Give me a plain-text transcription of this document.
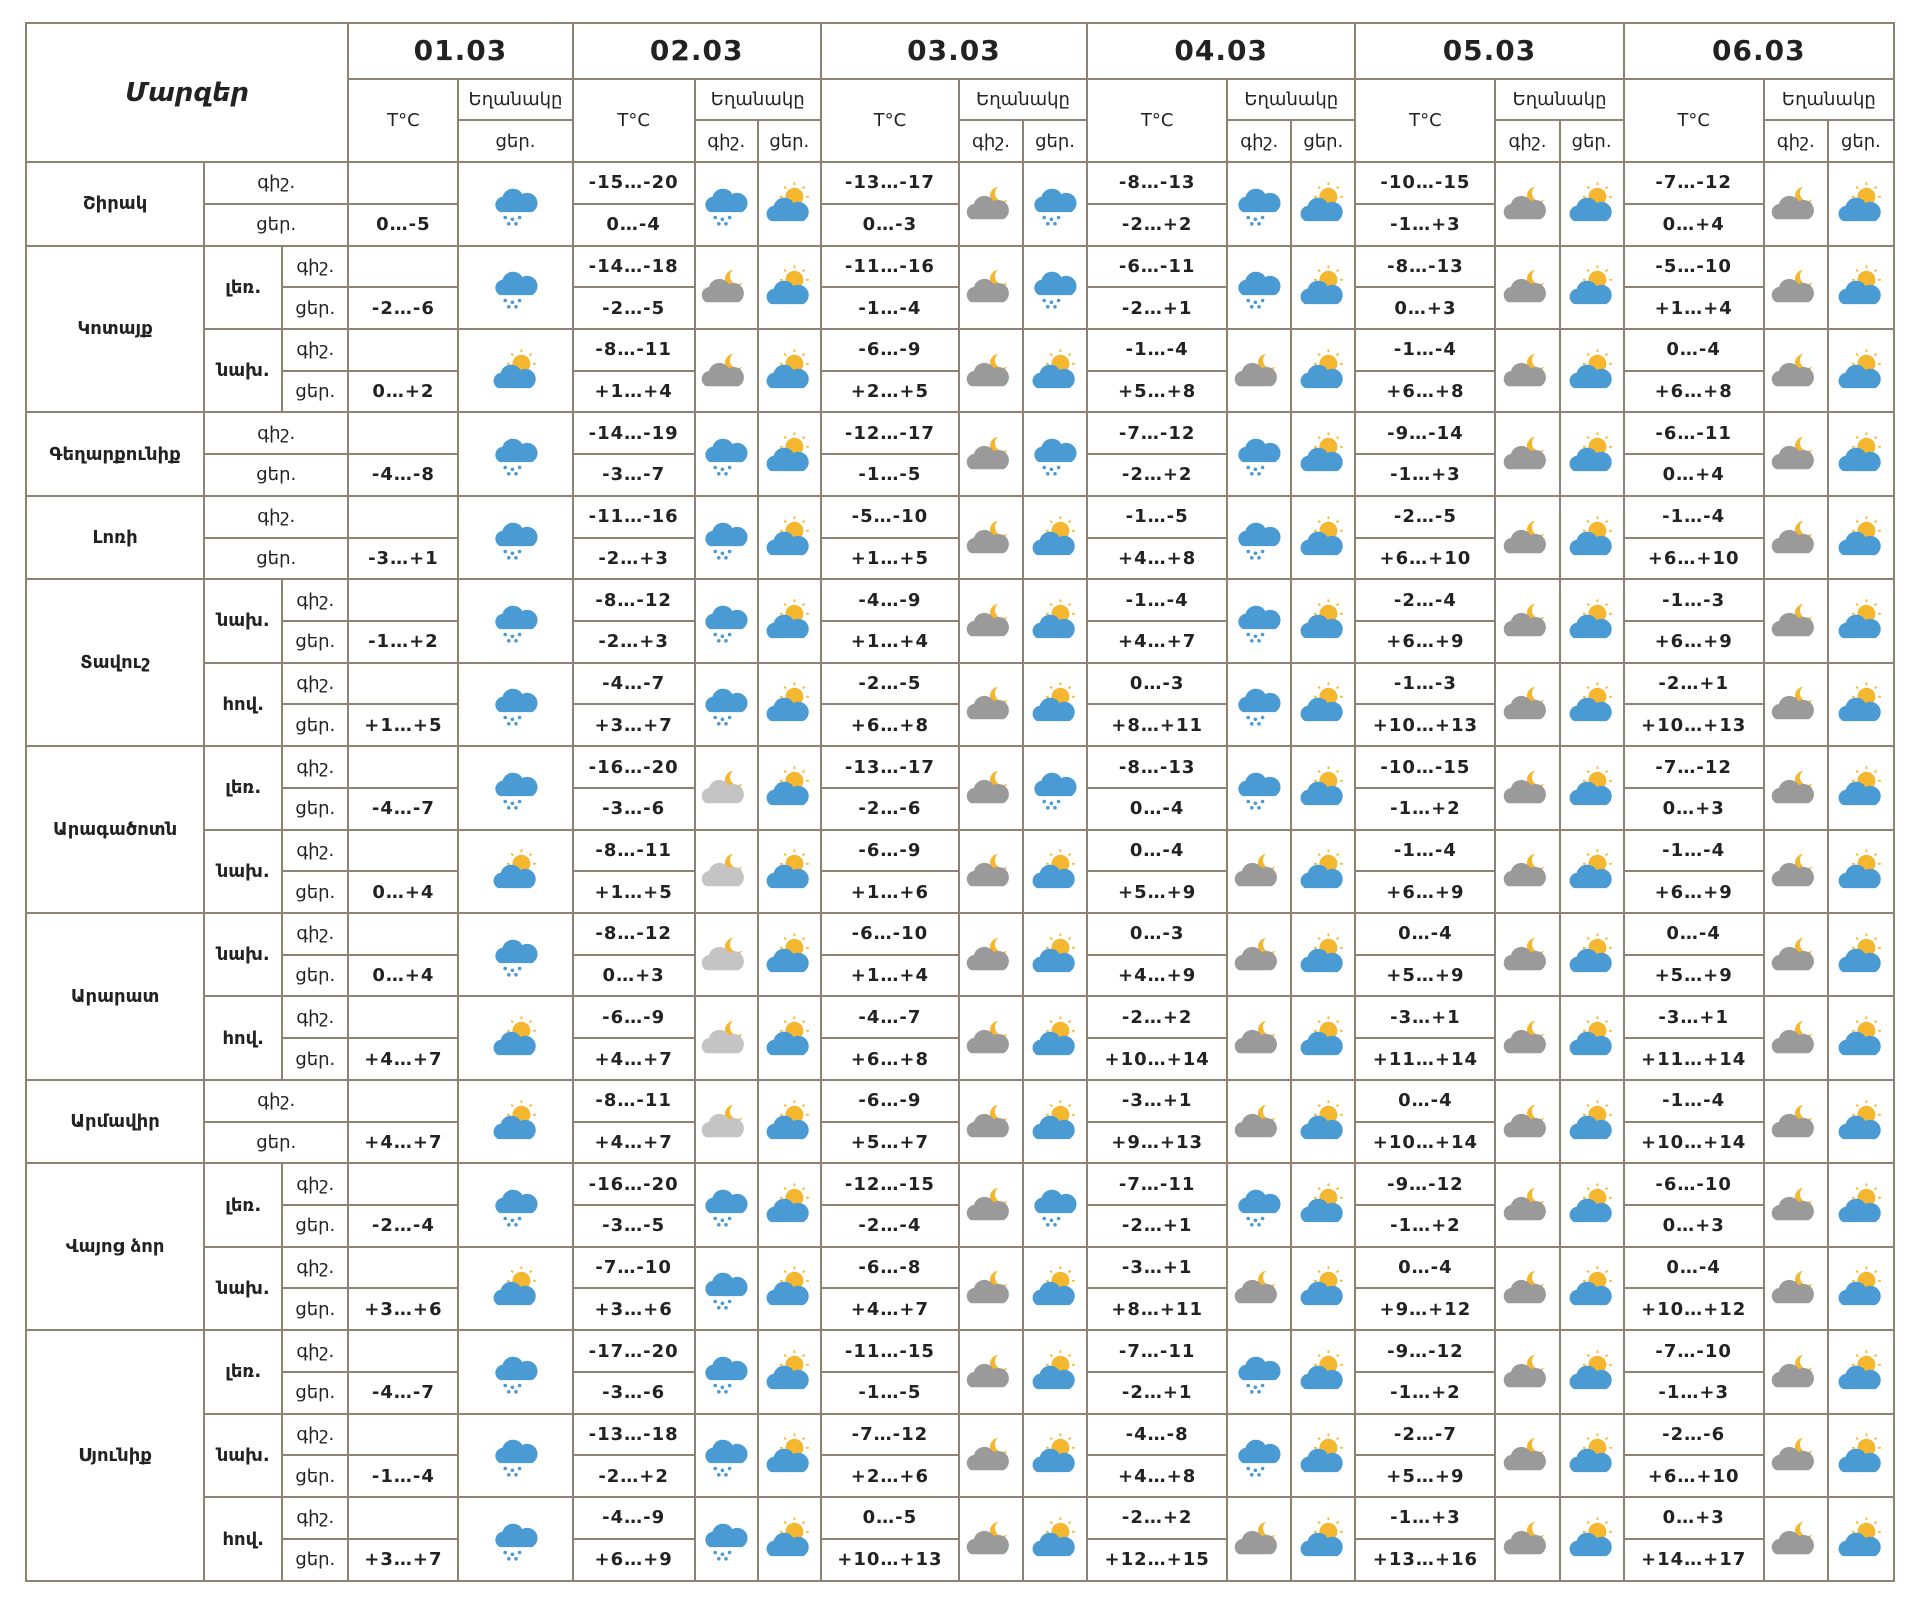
Մարզեր			01.03		02.03			03.03			04.03			05.03			06.03		
			T°C	Եղանակը	T°C	Եղանակը		T°C	Եղանակը		T°C	Եղանակը		T°C	Եղանակը		T°C	Եղանակը	
				ցեր.		գիշ.	ցեր.		գիշ.	ցեր.		գիշ.	ցեր.		գիշ.	ցեր.		գիշ.	ցեր.
Շիրակ	գիշ.				-15…-20			-13…-17			-8…-13			-10…-15			-7…-12	

	ցեր.		0…-5		0…-4			0…-3			-2…+2			-1…+3			0…+4		
Կոտայք	լեռ.	գիշ.			-14…-18			-11…-16			-6…-11			-8…-13			-5…-10	

		ցեր.	-2…-6		-2…-5			-1…-4			-2…+1			0…+3			+1…+4		
	նախ.	գիշ.			-8…-11			-6…-9			-1…-4			-1…-4			0…-4	

		ցեր.	0…+2		+1…+4			+2…+5			+5…+8			+6…+8			+6…+8		
Գեղարքունիք	գիշ.				-14…-19			-12…-17			-7…-12			-9…-14			-6…-11	

	ցեր.		-4…-8		-3…-7			-1…-5			-2…+2			-1…+3			0…+4		
Լոռի	գիշ.				-11…-16			-5…-10			-1…-5			-2…-5			-1…-4	

	ցեր.		-3…+1		-2…+3			+1…+5			+4…+8			+6…+10			+6…+10		
Տավուշ	նախ.	գիշ.			-8…-12			-4…-9			-1…-4			-2…-4			-1…-3	

		ցեր.	-1…+2		-2…+3			+1…+4			+4…+7			+6…+9			+6…+9		
	հով.	գիշ.			-4…-7			-2…-5			0…-3			-1…-3			-2…+1	

		ցեր.	+1…+5		+3…+7			+6…+8			+8…+11			+10…+13			+10…+13		
Արագածոտն	լեռ.	գիշ.			-16…-20			-13…-17			-8…-13			-10…-15			-7…-12	

		ցեր.	-4…-7		-3…-6			-2…-6			0…-4			-1…+2			0…+3		
	նախ.	գիշ.			-8…-11			-6…-9			0…-4			-1…-4			-1…-4	

		ցեր.	0…+4		+1…+5			+1…+6			+5…+9			+6…+9			+6…+9		
Արարատ	նախ.	գիշ.			-8…-12			-6…-10			0…-3			0…-4			0…-4	

		ցեր.	0…+4		0…+3			+1…+4			+4…+9			+5…+9			+5…+9		
	հով.	գիշ.			-6…-9			-4…-7			-2…+2			-3…+1			-3…+1	

		ցեր.	+4…+7		+4…+7			+6…+8			+10…+14			+11…+14			+11…+14		
Արմավիր	գիշ.				-8…-11			-6…-9			-3…+1			0…-4			-1…-4	

	ցեր.		+4…+7		+4…+7			+5…+7			+9…+13			+10…+14			+10…+14		
Վայոց ձոր	լեռ.	գիշ.			-16…-20			-12…-15			-7…-11			-9…-12			-6…-10	

		ցեր.	-2…-4		-3…-5			-2…-4			-2…+1			-1…+2			0…+3		
	նախ.	գիշ.			-7…-10			-6…-8			-3…+1			0…-4			0…-4	

		ցեր.	+3…+6		+3…+6			+4…+7			+8…+11			+9…+12			+10…+12		
Սյունիք	լեռ.	գիշ.			-17…-20			-11…-15			-7…-11			-9…-12			-7…-10	

		ցեր.	-4…-7		-3…-6			-1…-5			-2…+1			-1…+2			-1…+3		
	նախ.	գիշ.			-13…-18			-7…-12			-4…-8			-2…-7			-2…-6	

		ցեր.	-1…-4		-2…+2			+2…+6			+4…+8			+5…+9			+6…+10		
	հով.	գիշ.			-4…-9			0…-5			-2…+2			-1…+3			0…+3	

		ցեր.	+3…+7		+6…+9			+10…+13			+12…+15			+13…+16			+14…+17		
